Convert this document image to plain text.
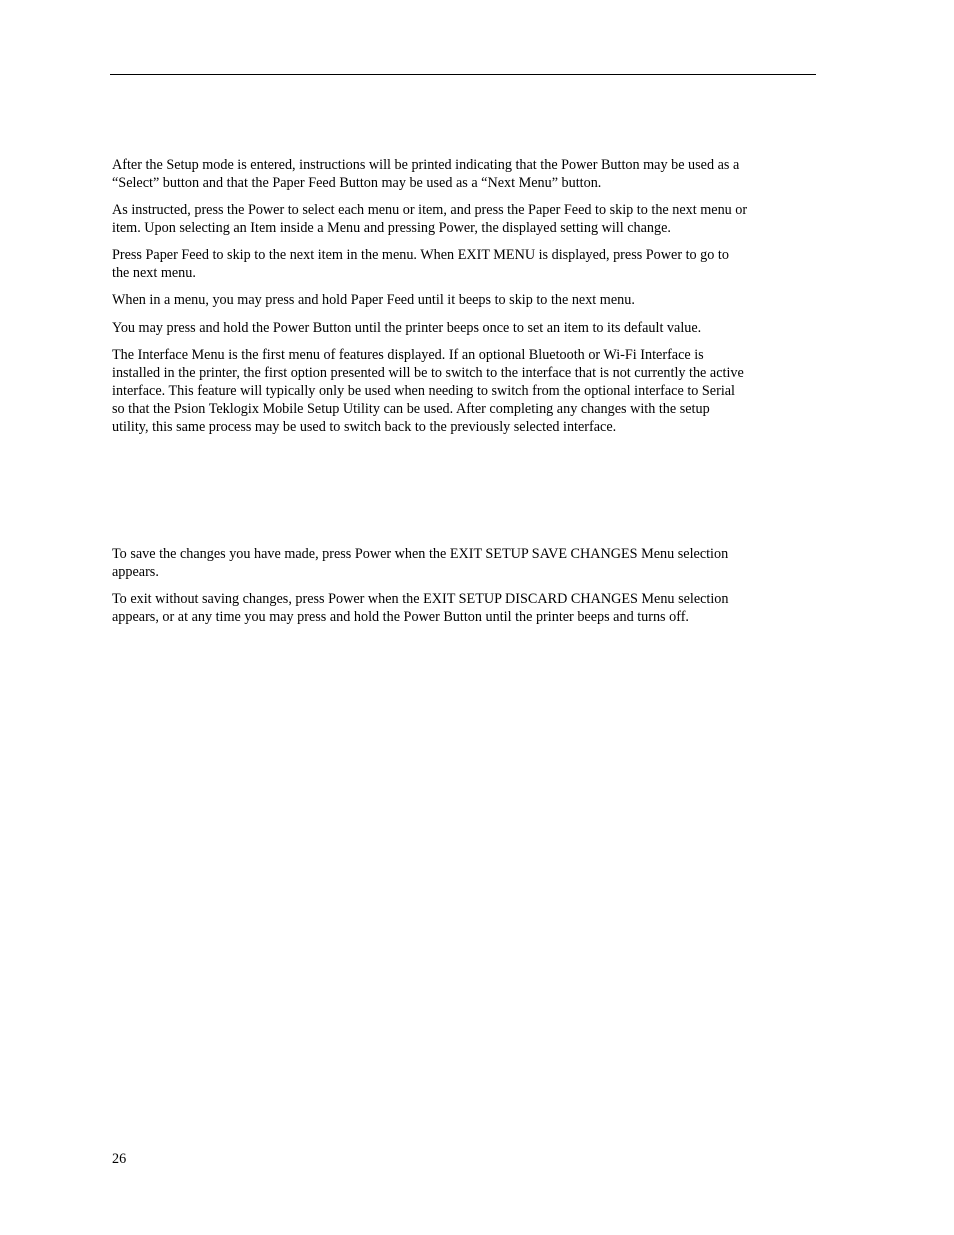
After the Setup mode is entered, instructions will be printed indicating that the Power Button may be used as a
“Select” button and that the Paper Feed Button may be used as a “Next Menu” button.

As instructed, press the Power to select each menu or item, and press the Paper Feed to skip to the next menu or
item. Upon selecting an Item inside a Menu and pressing Power, the displayed setting will change.

Press Paper Feed to skip to the next item in the menu. When EXIT MENU is displayed, press Power to go to
the next menu.

When in a menu, you may press and hold Paper Feed until it beeps to skip to the next menu.

You may press and hold the Power Button until the printer beeps once to set an item to its default value.

The Interface Menu is the first menu of features displayed. If an optional Bluetooth or Wi-Fi Interface is
installed in the printer, the first option presented will be to switch to the interface that is not currently the active
interface. This feature will typically only be used when needing to switch from the optional interface to Serial
so that the Psion Teklogix Mobile Setup Utility can be used. After completing any changes with the setup
utility, this same process may be used to switch back to the previously selected interface.

To save the changes you have made, press Power when the EXIT SETUP SAVE CHANGES Menu selection
appears.

To exit without saving changes, press Power when the EXIT SETUP DISCARD CHANGES Menu selection
appears, or at any time you may press and hold the Power Button until the printer beeps and turns off.

26
